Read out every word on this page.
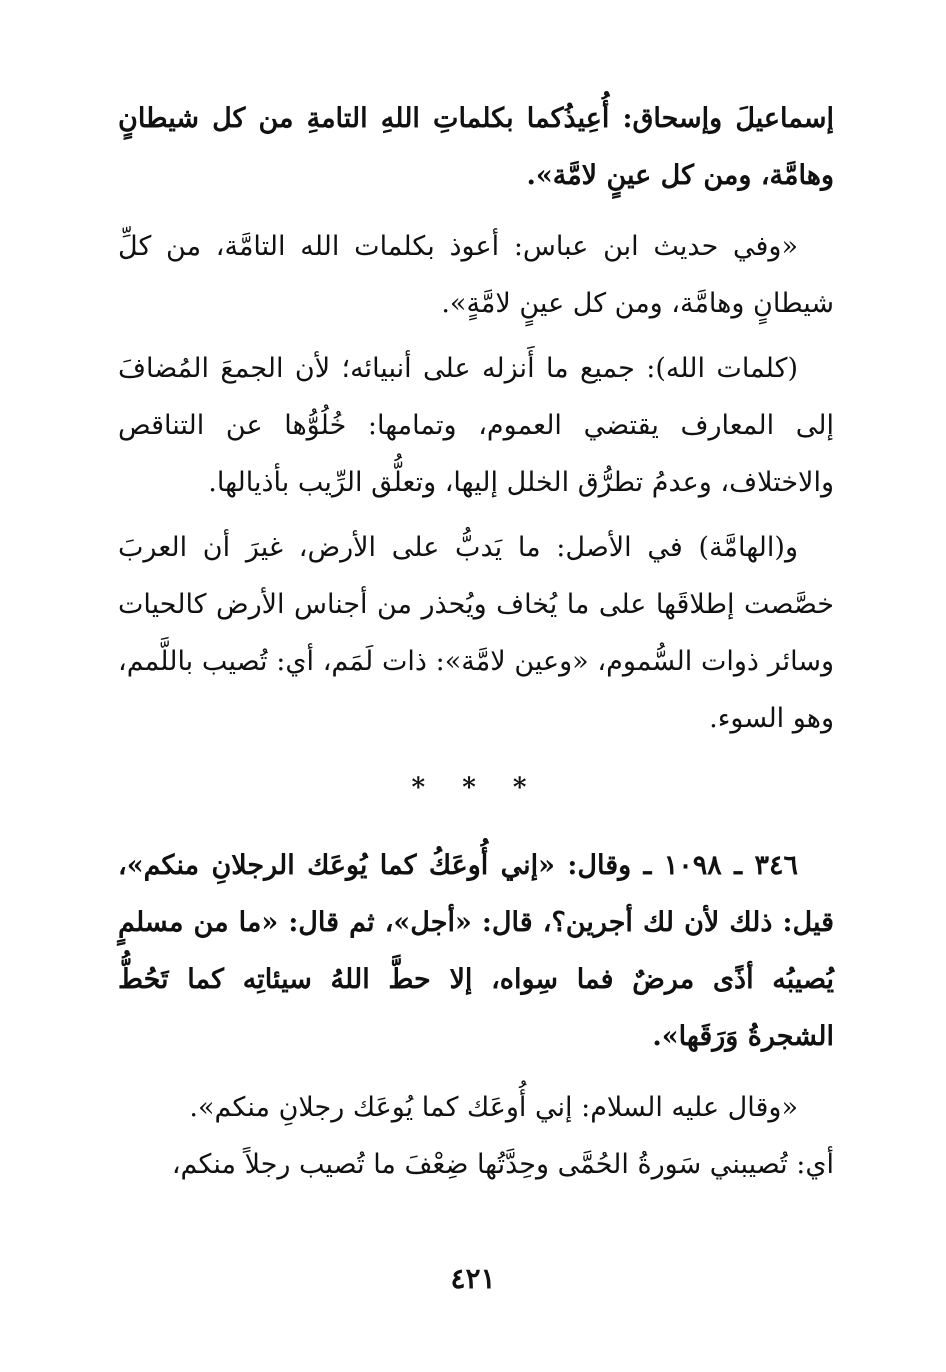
إسماعيلَ وإسحاق: أُعِيذُكما بكلماتِ اللهِ التامةِ من كل شيطانٍ وهامَّة، ومن كل عينٍ لامَّة».

«وفي حديث ابن عباس: أعوذ بكلمات الله التامَّة، من كلِّ شيطانٍ وهامَّة، ومن كل عينٍ لامَّةٍ».

(كلمات الله): جميع ما أَنزله على أنبيائه؛ لأن الجمعَ المُضافَ إلى المعارف يقتضي العموم، وتمامها: خُلُوُّها عن التناقص والاختلاف، وعدمُ تطرُّق الخلل إليها، وتعلُّق الرِّيب بأذيالها.

و(الهامَّة) في الأصل: ما يَدبُّ على الأرض، غيرَ أن العربَ خصَّصت إطلاقَها على ما يُخاف ويُحذر من أجناس الأرض كالحيات وسائر ذوات السُّموم، «وعين لامَّة»: ذات لَمَم، أي: تُصيب باللَّمم، وهو السوء.

* * *

٣٤٦ ـ ١٠٩٨ ـ وقال: «إني أُوعَكُ كما يُوعَك الرجلانِ منكم»، قيل: ذلك لأن لك أجرين؟، قال: «أجل»، ثم قال: «ما من مسلمٍ يُصيبُه أذًى مرضٌ فما سِواه، إلا حطَّ اللهُ سيئاتِه كما تَحُطُّ الشجرةُ وَرَقَها».

«وقال عليه السلام: إني أُوعَك كما يُوعَك رجلانِ منكم».

أي: تُصيبني سَورةُ الحُمَّى وحِدَّتُها ضِعْفَ ما تُصيب رجلاً منكم،

٤٢١
